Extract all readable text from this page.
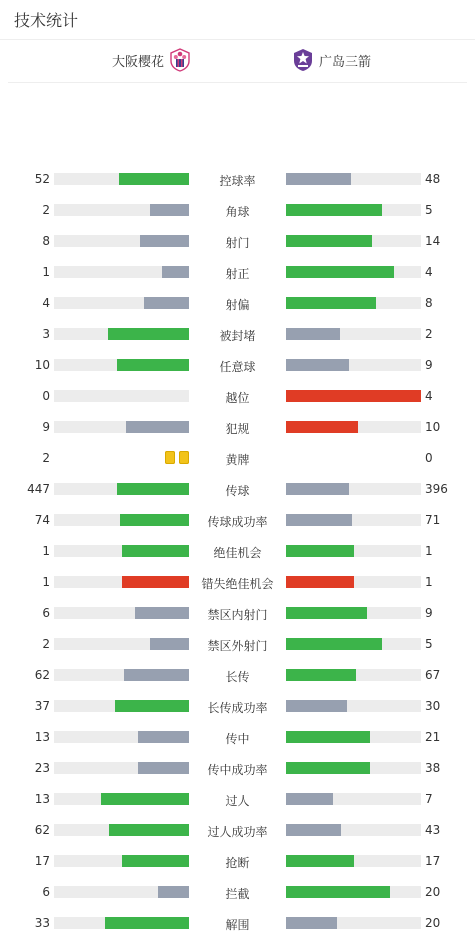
技术统计
大阪樱花	广岛三箭
52	控球率	48
2	角球	5
8	射门	14
1	射正	4
4	射偏	8
3	被封堵	2
10	任意球	9
0	越位	4
9	犯规	10
2	黄牌	0
447	传球	396
74	传球成功率	71
1	绝佳机会	1
1	错失绝佳机会	1
6	禁区内射门	9
2	禁区外射门	5
62	长传	67
37	长传成功率	30
13	传中	21
23	传中成功率	38
13	过人	7
62	过人成功率	43
17	抢断	17
6	拦截	20
33	解围	20
